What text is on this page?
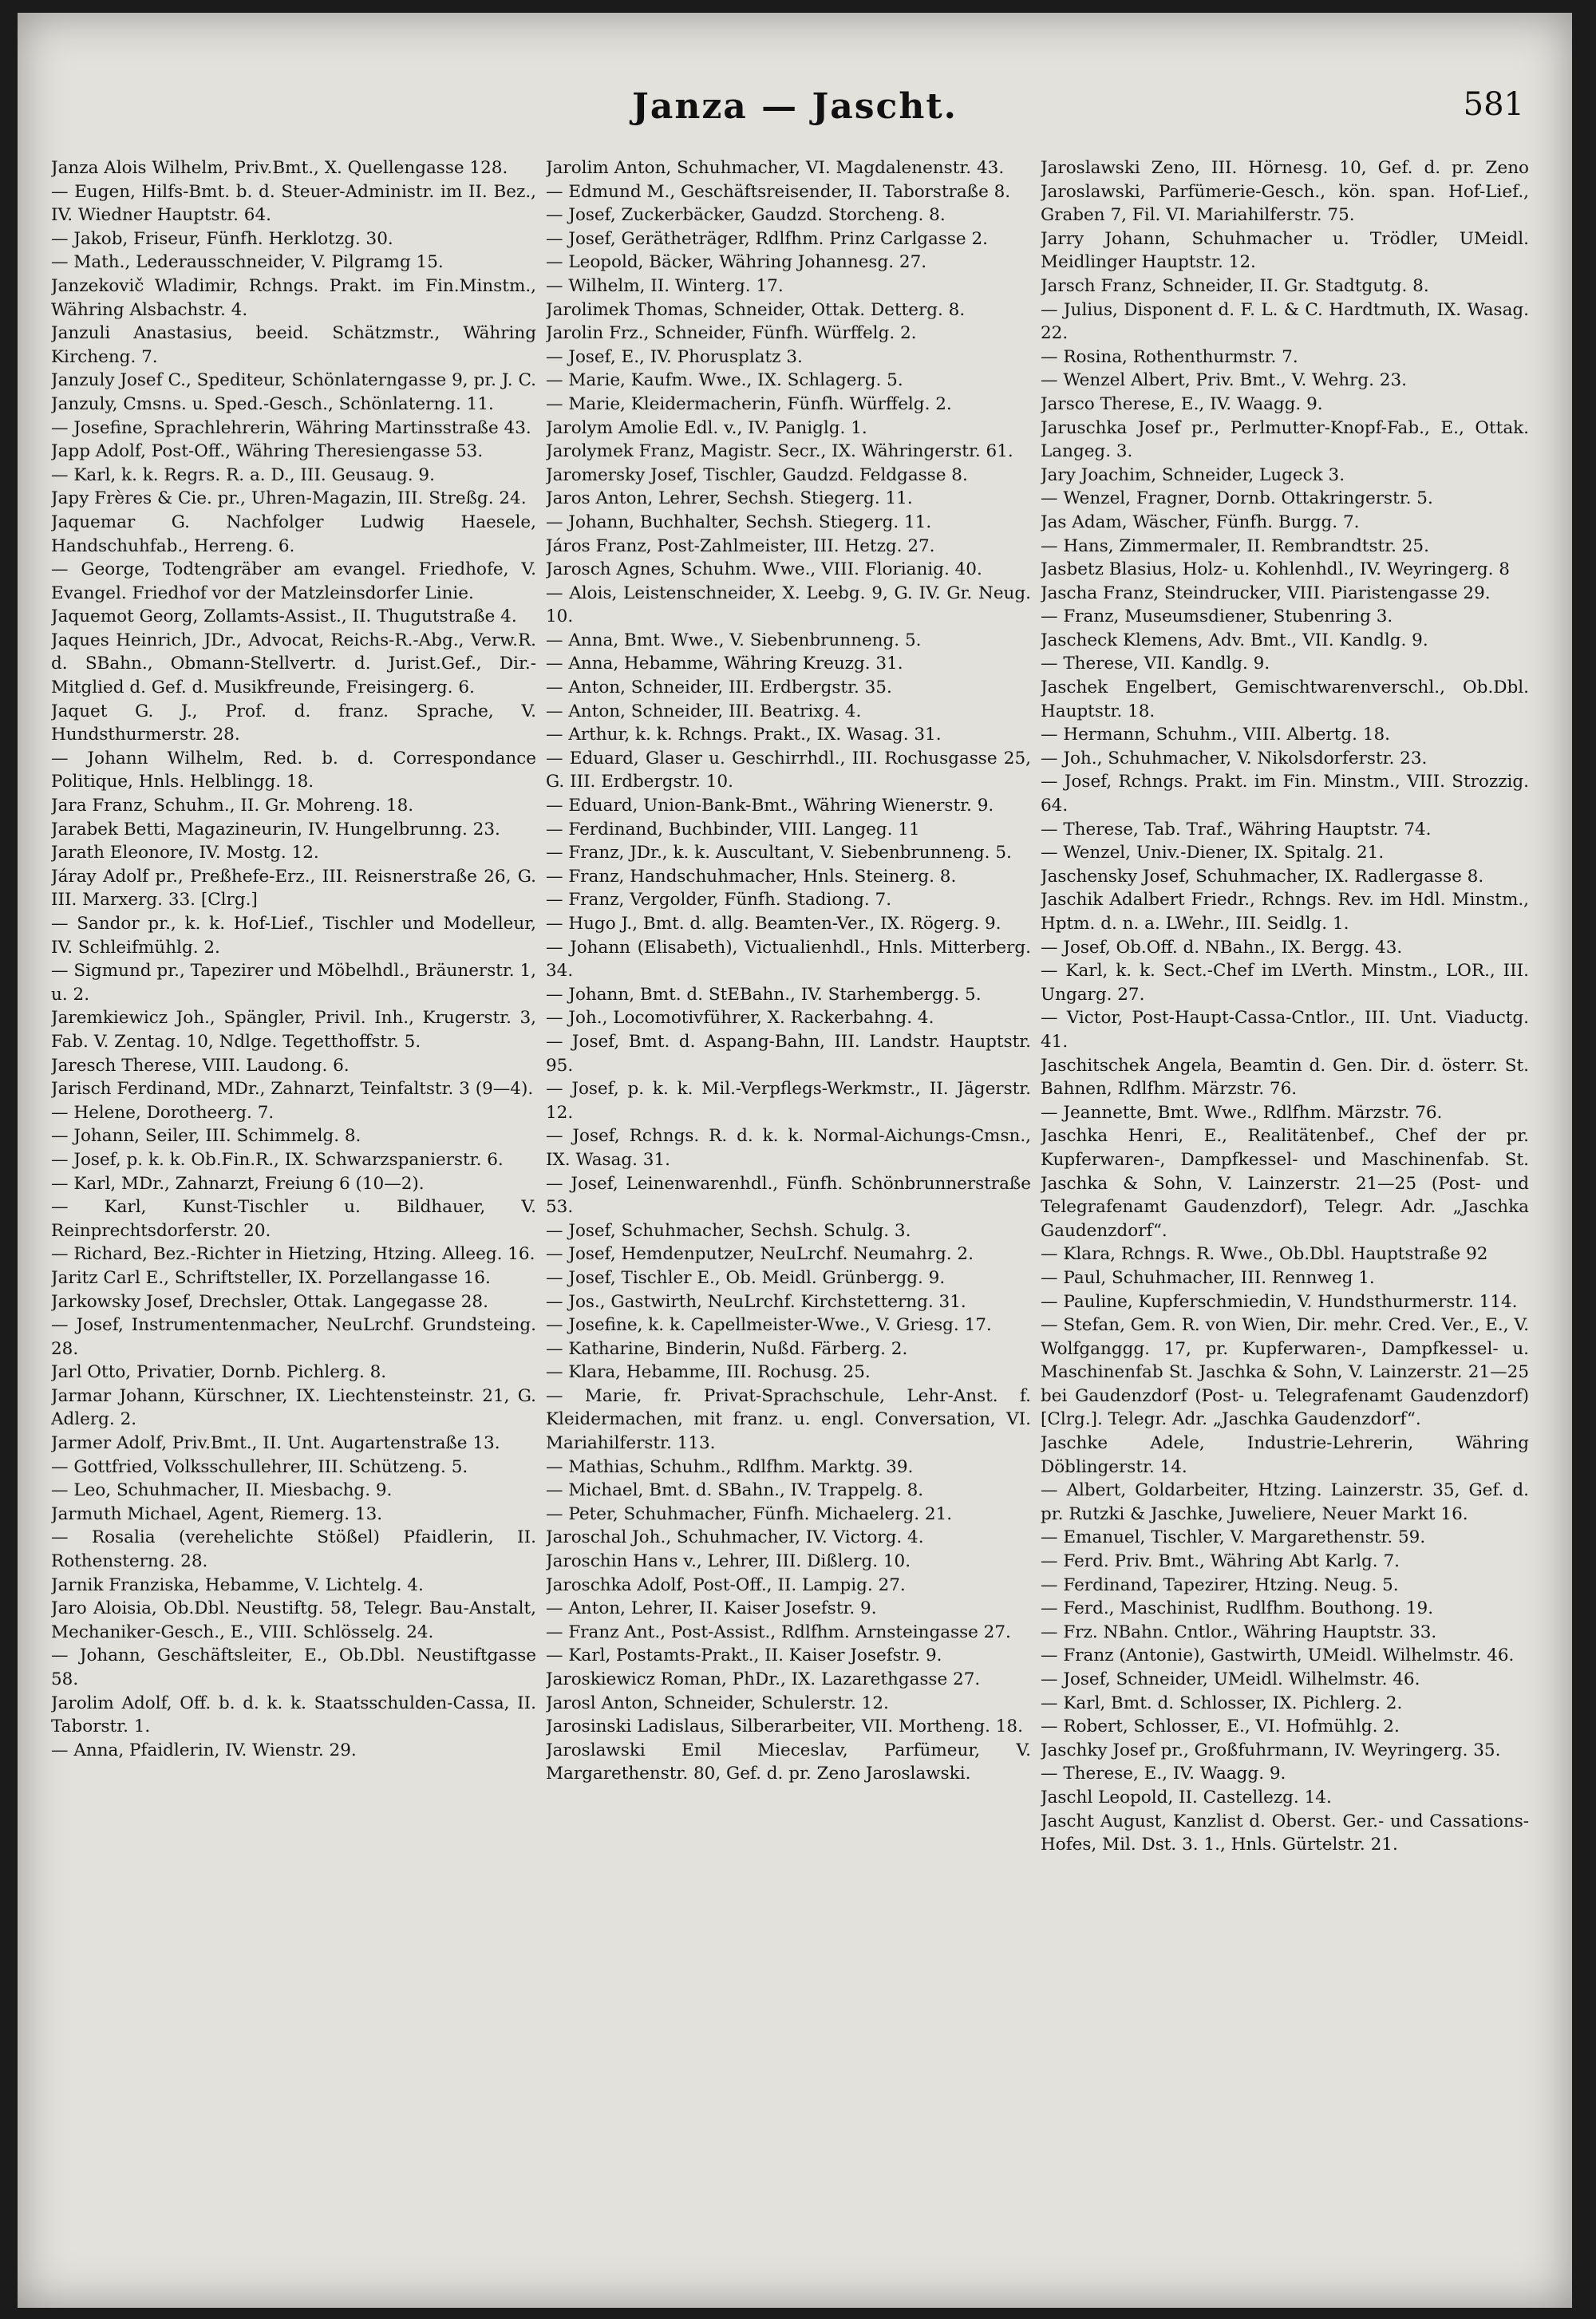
Janza — Jascht.	581

Janza Alois Wilhelm, Priv.Bmt., X. Quellengasse 128.

— Eugen, Hilfs-Bmt. b. d. Steuer-Administr. im II. Bez., IV. Wiedner Hauptstr. 64.

— Jakob, Friseur, Fünfh. Herklotzg. 30.

— Math., Lederausschneider, V. Pilgramg 15.

Janzekovič Wladimir, Rchngs. Prakt. im Fin.Minstm., Währing Alsbachstr. 4.

Janzuli Anastasius, beeid. Schätzmstr., Währing Kircheng. 7.

Janzuly Josef C., Spediteur, Schönlaterngasse 9, pr. J. C. Janzuly, Cmsns. u. Sped.-Gesch., Schönlaterng. 11.

— Josefine, Sprachlehrerin, Währing Martinsstraße 43.

Japp Adolf, Post-Off., Währing Theresiengasse 53.

— Karl, k. k. Regrs. R. a. D., III. Geusaug. 9.

Japy Frères & Cie. pr., Uhren-Magazin, III. Streßg. 24.

Jaquemar G. Nachfolger Ludwig Haesele, Handschuhfab., Herreng. 6.

— George, Todtengräber am evangel. Friedhofe, V. Evangel. Friedhof vor der Matzleinsdorfer Linie.

Jaquemot Georg, Zollamts-Assist., II. Thugutstraße 4.

Jaques Heinrich, JDr., Advocat, Reichs-R.-Abg., Verw.R. d. SBahn., Obmann-Stellvertr. d. Jurist.Gef., Dir.-Mitglied d. Gef. d. Musikfreunde, Freisingerg. 6.

Jaquet G. J., Prof. d. franz. Sprache, V. Hundsthurmerstr. 28.

— Johann Wilhelm, Red. b. d. Correspondance Politique, Hnls. Helblingg. 18.

Jara Franz, Schuhm., II. Gr. Mohreng. 18.

Jarabek Betti, Magazineurin, IV. Hungelbrunng. 23.

Jarath Eleonore, IV. Mostg. 12.

Járay Adolf pr., Preßhefe-Erz., III. Reisnerstraße 26, G. III. Marxerg. 33. [Clrg.]

— Sandor pr., k. k. Hof-Lief., Tischler und Modelleur, IV. Schleifmühlg. 2.

— Sigmund pr., Tapezirer und Möbelhdl., Bräunerstr. 1, u. 2.

Jaremkiewicz Joh., Spängler, Privil. Inh., Krugerstr. 3, Fab. V. Zentag. 10, Ndlge. Tegetthoffstr. 5.

Jaresch Therese, VIII. Laudong. 6.

Jarisch Ferdinand, MDr., Zahnarzt, Teinfaltstr. 3 (9—4).

— Helene, Dorotheerg. 7.

— Johann, Seiler, III. Schimmelg. 8.

— Josef, p. k. k. Ob.Fin.R., IX. Schwarzspanierstr. 6.

— Karl, MDr., Zahnarzt, Freiung 6 (10—2).

— Karl, Kunst-Tischler u. Bildhauer, V. Reinprechtsdorferstr. 20.

— Richard, Bez.-Richter in Hietzing, Htzing. Alleeg. 16.

Jaritz Carl E., Schriftsteller, IX. Porzellangasse 16.

Jarkowsky Josef, Drechsler, Ottak. Langegasse 28.

— Josef, Instrumentenmacher, NeuLrchf. Grundsteing. 28.

Jarl Otto, Privatier, Dornb. Pichlerg. 8.

Jarmar Johann, Kürschner, IX. Liechtensteinstr. 21, G. Adlerg. 2.

Jarmer Adolf, Priv.Bmt., II. Unt. Augartenstraße 13.

— Gottfried, Volksschullehrer, III. Schützeng. 5.

— Leo, Schuhmacher, II. Miesbachg. 9.

Jarmuth Michael, Agent, Riemerg. 13.

— Rosalia (verehelichte Stößel) Pfaidlerin, II. Rothensterng. 28.

Jarnik Franziska, Hebamme, V. Lichtelg. 4.

Jaro Aloisia, Ob.Dbl. Neustiftg. 58, Telegr. Bau-Anstalt, Mechaniker-Gesch., E., VIII. Schlösselg. 24.

— Johann, Geschäftsleiter, E., Ob.Dbl. Neustiftgasse 58.

Jarolim Adolf, Off. b. d. k. k. Staatsschulden-Cassa, II. Taborstr. 1.

— Anna, Pfaidlerin, IV. Wienstr. 29.

Jarolim Anton, Schuhmacher, VI. Magdalenenstr. 43.

— Edmund M., Geschäftsreisender, II. Taborstraße 8.

— Josef, Zuckerbäcker, Gaudzd. Storcheng. 8.

— Josef, Gerätheträger, Rdlfhm. Prinz Carlgasse 2.

— Leopold, Bäcker, Währing Johannesg. 27.

— Wilhelm, II. Winterg. 17.

Jarolimek Thomas, Schneider, Ottak. Detterg. 8.

Jarolin Frz., Schneider, Fünfh. Würffelg. 2.

— Josef, E., IV. Phorusplatz 3.

— Marie, Kaufm. Wwe., IX. Schlagerg. 5.

— Marie, Kleidermacherin, Fünfh. Würffelg. 2.

Jarolym Amolie Edl. v., IV. Paniglg. 1.

Jarolymek Franz, Magistr. Secr., IX. Währingerstr. 61.

Jaromersky Josef, Tischler, Gaudzd. Feldgasse 8.

Jaros Anton, Lehrer, Sechsh. Stiegerg. 11.

— Johann, Buchhalter, Sechsh. Stiegerg. 11.

Járos Franz, Post-Zahlmeister, III. Hetzg. 27.

Jarosch Agnes, Schuhm. Wwe., VIII. Florianig. 40.

— Alois, Leistenschneider, X. Leebg. 9, G. IV. Gr. Neug. 10.

— Anna, Bmt. Wwe., V. Siebenbrunneng. 5.

— Anna, Hebamme, Währing Kreuzg. 31.

— Anton, Schneider, III. Erdbergstr. 35.

— Anton, Schneider, III. Beatrixg. 4.

— Arthur, k. k. Rchngs. Prakt., IX. Wasag. 31.

— Eduard, Glaser u. Geschirrhdl., III. Rochusgasse 25, G. III. Erdbergstr. 10.

— Eduard, Union-Bank-Bmt., Währing Wienerstr. 9.

— Ferdinand, Buchbinder, VIII. Langeg. 11

— Franz, JDr., k. k. Auscultant, V. Siebenbrunneng. 5.

— Franz, Handschuhmacher, Hnls. Steinerg. 8.

— Franz, Vergolder, Fünfh. Stadiong. 7.

— Hugo J., Bmt. d. allg. Beamten-Ver., IX. Rögerg. 9.

— Johann (Elisabeth), Victualienhdl., Hnls. Mitterberg. 34.

— Johann, Bmt. d. StEBahn., IV. Starhembergg. 5.

— Joh., Locomotivführer, X. Rackerbahng. 4.

— Josef, Bmt. d. Aspang-Bahn, III. Landstr. Hauptstr. 95.

— Josef, p. k. k. Mil.-Verpflegs-Werkmstr., II. Jägerstr. 12.

— Josef, Rchngs. R. d. k. k. Normal-Aichungs-Cmsn., IX. Wasag. 31.

— Josef, Leinenwarenhdl., Fünfh. Schönbrunnerstraße 53.

— Josef, Schuhmacher, Sechsh. Schulg. 3.

— Josef, Hemdenputzer, NeuLrchf. Neumahrg. 2.

— Josef, Tischler E., Ob. Meidl. Grünbergg. 9.

— Jos., Gastwirth, NeuLrchf. Kirchstetterng. 31.

— Josefine, k. k. Capellmeister-Wwe., V. Griesg. 17.

— Katharine, Binderin, Nußd. Färberg. 2.

— Klara, Hebamme, III. Rochusg. 25.

— Marie, fr. Privat-Sprachschule, Lehr-Anst. f. Kleidermachen, mit franz. u. engl. Conversation, VI. Mariahilferstr. 113.

— Mathias, Schuhm., Rdlfhm. Marktg. 39.

— Michael, Bmt. d. SBahn., IV. Trappelg. 8.

— Peter, Schuhmacher, Fünfh. Michaelerg. 21.

Jaroschal Joh., Schuhmacher, IV. Victorg. 4.

Jaroschin Hans v., Lehrer, III. Dißlerg. 10.

Jaroschka Adolf, Post-Off., II. Lampig. 27.

— Anton, Lehrer, II. Kaiser Josefstr. 9.

— Franz Ant., Post-Assist., Rdlfhm. Arnsteingasse 27.

— Karl, Postamts-Prakt., II. Kaiser Josefstr. 9.

Jaroskiewicz Roman, PhDr., IX. Lazarethgasse 27.

Jarosl Anton, Schneider, Schulerstr. 12.

Jarosinski Ladislaus, Silberarbeiter, VII. Mortheng. 18.

Jaroslawski Emil Mieceslav, Parfümeur, V. Margarethenstr. 80, Gef. d. pr. Zeno Jaroslawski.

Jaroslawski Zeno, III. Hörnesg. 10, Gef. d. pr. Zeno Jaroslawski, Parfümerie-Gesch., kön. span. Hof-Lief., Graben 7, Fil. VI. Mariahilferstr. 75.

Jarry Johann, Schuhmacher u. Trödler, UMeidl. Meidlinger Hauptstr. 12.

Jarsch Franz, Schneider, II. Gr. Stadtgutg. 8.

— Julius, Disponent d. F. L. & C. Hardtmuth, IX. Wasag. 22.

— Rosina, Rothenthurmstr. 7.

— Wenzel Albert, Priv. Bmt., V. Wehrg. 23.

Jarsco Therese, E., IV. Waagg. 9.

Jaruschka Josef pr., Perlmutter-Knopf-Fab., E., Ottak. Langeg. 3.

Jary Joachim, Schneider, Lugeck 3.

— Wenzel, Fragner, Dornb. Ottakringerstr. 5.

Jas Adam, Wäscher, Fünfh. Burgg. 7.

— Hans, Zimmermaler, II. Rembrandtstr. 25.

Jasbetz Blasius, Holz- u. Kohlenhdl., IV. Weyringerg. 8

Jascha Franz, Steindrucker, VIII. Piaristengasse 29.

— Franz, Museumsdiener, Stubenring 3.

Jascheck Klemens, Adv. Bmt., VII. Kandlg. 9.

— Therese, VII. Kandlg. 9.

Jaschek Engelbert, Gemischtwarenverschl., Ob.Dbl. Hauptstr. 18.

— Hermann, Schuhm., VIII. Albertg. 18.

— Joh., Schuhmacher, V. Nikolsdorferstr. 23.

— Josef, Rchngs. Prakt. im Fin. Minstm., VIII. Strozzig. 64.

— Therese, Tab. Traf., Währing Hauptstr. 74.

— Wenzel, Univ.-Diener, IX. Spitalg. 21.

Jaschensky Josef, Schuhmacher, IX. Radlergasse 8.

Jaschik Adalbert Friedr., Rchngs. Rev. im Hdl. Minstm., Hptm. d. n. a. LWehr., III. Seidlg. 1.

— Josef, Ob.Off. d. NBahn., IX. Bergg. 43.

— Karl, k. k. Sect.-Chef im LVerth. Minstm., LOR., III. Ungarg. 27.

— Victor, Post-Haupt-Cassa-Cntlor., III. Unt. Viaductg. 41.

Jaschitschek Angela, Beamtin d. Gen. Dir. d. österr. St. Bahnen, Rdlfhm. Märzstr. 76.

— Jeannette, Bmt. Wwe., Rdlfhm. Märzstr. 76.

Jaschka Henri, E., Realitätenbef., Chef der pr. Kupferwaren-, Dampfkessel- und Maschinenfab. St. Jaschka & Sohn, V. Lainzerstr. 21—25 (Post- und Telegrafenamt Gaudenzdorf), Telegr. Adr. „Jaschka Gaudenzdorf“.

— Klara, Rchngs. R. Wwe., Ob.Dbl. Hauptstraße 92

— Paul, Schuhmacher, III. Rennweg 1.

— Pauline, Kupferschmiedin, V. Hundsthurmerstr. 114.

— Stefan, Gem. R. von Wien, Dir. mehr. Cred. Ver., E., V. Wolfganggg. 17, pr. Kupferwaren-, Dampfkessel- u. Maschinenfab St. Jaschka & Sohn, V. Lainzerstr. 21—25 bei Gaudenzdorf (Post- u. Telegrafenamt Gaudenzdorf) [Clrg.]. Telegr. Adr. „Jaschka Gaudenzdorf“.

Jaschke Adele, Industrie-Lehrerin, Währing Döblingerstr. 14.

— Albert, Goldarbeiter, Htzing. Lainzerstr. 35, Gef. d. pr. Rutzki & Jaschke, Juweliere, Neuer Markt 16.

— Emanuel, Tischler, V. Margarethenstr. 59.

— Ferd. Priv. Bmt., Währing Abt Karlg. 7.

— Ferdinand, Tapezirer, Htzing. Neug. 5.

— Ferd., Maschinist, Rudlfhm. Bouthong. 19.

— Frz. NBahn. Cntlor., Währing Hauptstr. 33.

— Franz (Antonie), Gastwirth, UMeidl. Wilhelmstr. 46.

— Josef, Schneider, UMeidl. Wilhelmstr. 46.

— Karl, Bmt. d. Schlosser, IX. Pichlerg. 2.

— Robert, Schlosser, E., VI. Hofmühlg. 2.

Jaschky Josef pr., Großfuhrmann, IV. Weyringerg. 35.

— Therese, E., IV. Waagg. 9.

Jaschl Leopold, II. Castellezg. 14.

Jascht August, Kanzlist d. Oberst. Ger.- und Cassations-Hofes, Mil. Dst. 3. 1., Hnls. Gürtelstr. 21.
